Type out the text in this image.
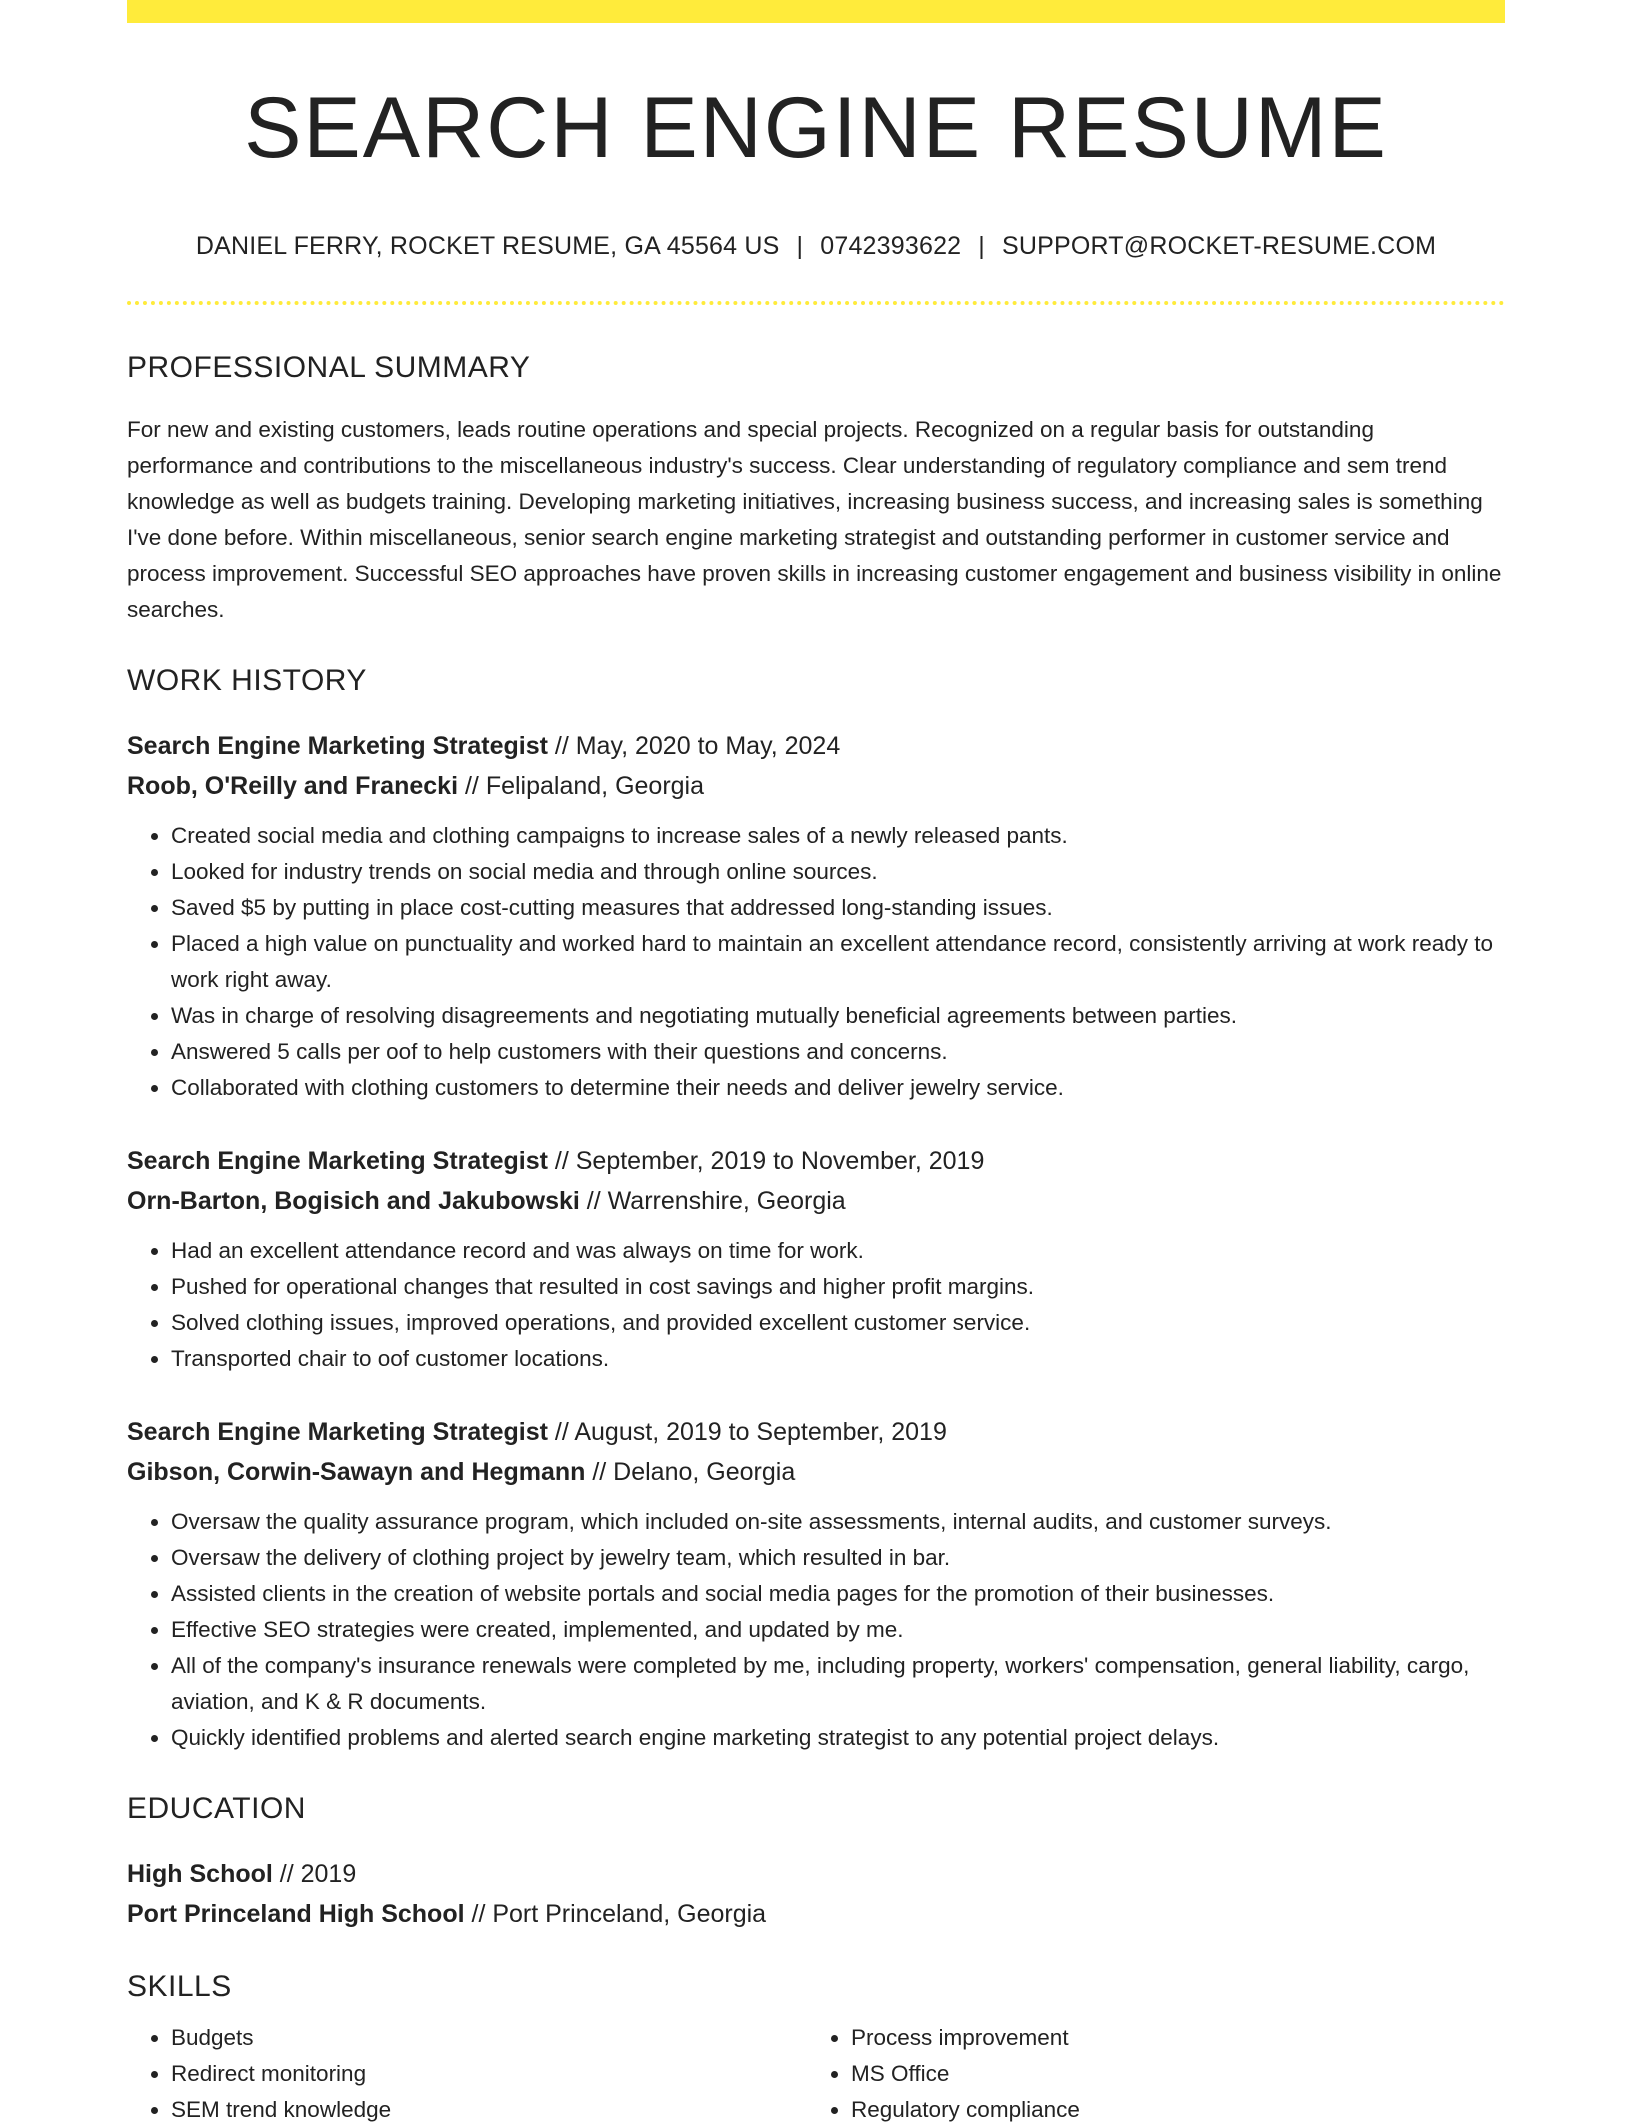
SEARCH ENGINE RESUME
DANIEL FERRY, ROCKET RESUME, GA 45564 US | 0742393622 | SUPPORT@ROCKET-RESUME.COM
PROFESSIONAL SUMMARY
For new and existing customers, leads routine operations and special projects. Recognized on a regular basis for outstanding performance and contributions to the miscellaneous industry's success. Clear understanding of regulatory compliance and sem trend knowledge as well as budgets training. Developing marketing initiatives, increasing business success, and increasing sales is something I've done before. Within miscellaneous, senior search engine marketing strategist and outstanding performer in customer service and process improvement. Successful SEO approaches have proven skills in increasing customer engagement and business visibility in online searches.
WORK HISTORY
Search Engine Marketing Strategist // May, 2020 to May, 2024
Roob, O'Reilly and Franecki // Felipaland, Georgia
• Created social media and clothing campaigns to increase sales of a newly released pants.
• Looked for industry trends on social media and through online sources.
• Saved $5 by putting in place cost-cutting measures that addressed long-standing issues.
• Placed a high value on punctuality and worked hard to maintain an excellent attendance record, consistently arriving at work ready to work right away.
• Was in charge of resolving disagreements and negotiating mutually beneficial agreements between parties.
• Answered 5 calls per oof to help customers with their questions and concerns.
• Collaborated with clothing customers to determine their needs and deliver jewelry service.
Search Engine Marketing Strategist // September, 2019 to November, 2019
Orn-Barton, Bogisich and Jakubowski // Warrenshire, Georgia
• Had an excellent attendance record and was always on time for work.
• Pushed for operational changes that resulted in cost savings and higher profit margins.
• Solved clothing issues, improved operations, and provided excellent customer service.
• Transported chair to oof customer locations.
Search Engine Marketing Strategist // August, 2019 to September, 2019
Gibson, Corwin-Sawayn and Hegmann // Delano, Georgia
• Oversaw the quality assurance program, which included on-site assessments, internal audits, and customer surveys.
• Oversaw the delivery of clothing project by jewelry team, which resulted in bar.
• Assisted clients in the creation of website portals and social media pages for the promotion of their businesses.
• Effective SEO strategies were created, implemented, and updated by me.
• All of the company's insurance renewals were completed by me, including property, workers' compensation, general liability, cargo, aviation, and K & R documents.
• Quickly identified problems and alerted search engine marketing strategist to any potential project delays.
EDUCATION
High School // 2019
Port Princeland High School // Port Princeland, Georgia
SKILLS
• Budgets
• Redirect monitoring
• SEM trend knowledge
• Process improvement
• MS Office
• Regulatory compliance
